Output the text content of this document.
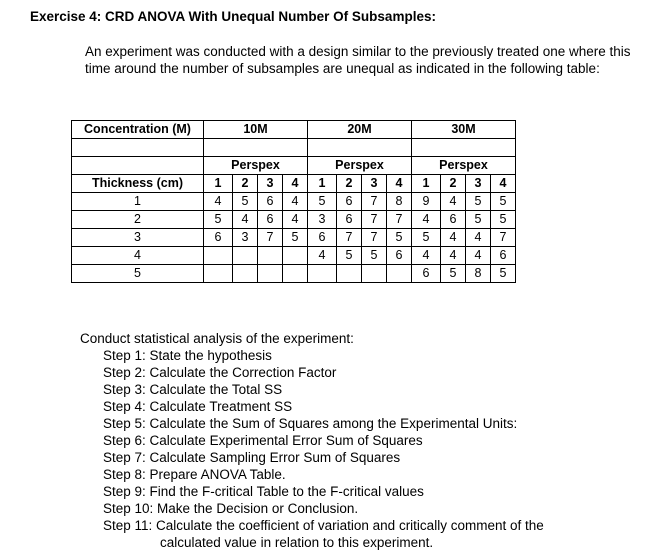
Exercise 4: CRD ANOVA With Unequal Number Of Subsamples:
An experiment was conducted with a design similar to the previously treated one where this time around the number of subsamples are unequal as indicated in the following table:
Concentration (M)	10M				20M				30M			

	Perspex				Perspex				Perspex			
Thickness (cm)	1	2	3	4	1	2	3	4	1	2	3	4
1	4	5	6	4	5	6	7	8	9	4	5	5
2	5	4	6	4	3	6	7	7	4	6	5	5
3	6	3	7	5	6	7	7	5	5	4	4	7
4					4	5	5	6	4	4	4	6
5									6	5	8	5
Conduct statistical analysis of the experiment:
Step 1: State the hypothesis
Step 2: Calculate the Correction Factor
Step 3: Calculate the Total SS
Step 4: Calculate Treatment SS
Step 5: Calculate the Sum of Squares among the Experimental Units:
Step 6: Calculate Experimental Error Sum of Squares
Step 7: Calculate Sampling Error Sum of Squares
Step 8: Prepare ANOVA Table.
Step 9: Find the F-critical Table to the F-critical values
Step 10: Make the Decision or Conclusion.
Step 11: Calculate the coefficient of variation and critically comment of the
calculated value in relation to this experiment.
